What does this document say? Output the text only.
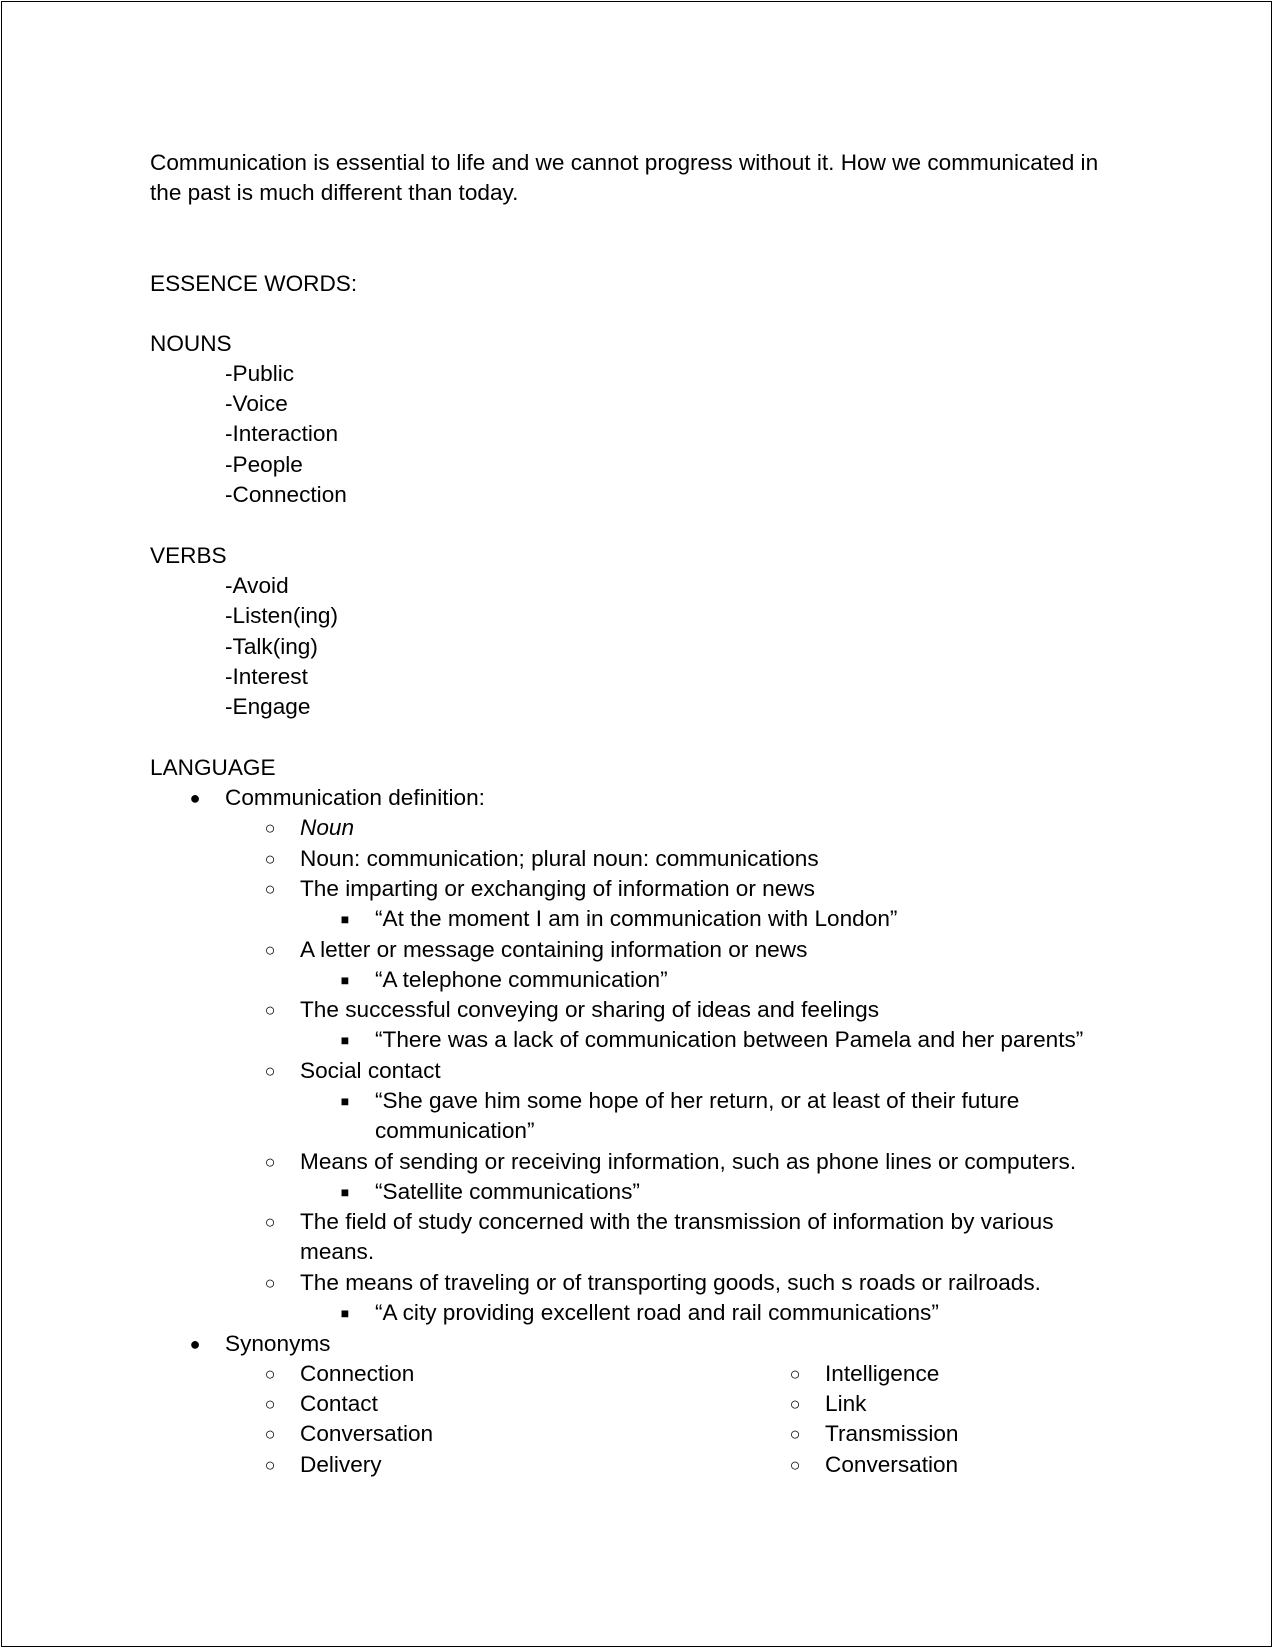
Communication is essential to life and we cannot progress without it. How we communicated in
the past is much different than today.
ESSENCE WORDS:
NOUNS
-Public
-Voice
-Interaction
-People
-Connection
VERBS
-Avoid
-Listen(ing)
-Talk(ing)
-Interest
-Engage
LANGUAGE
● Communication definition:
○ Noun
○ Noun: communication; plural noun: communications
○ The imparting or exchanging of information or news
■ “At the moment I am in communication with London”
○ A letter or message containing information or news
■ “A telephone communication”
○ The successful conveying or sharing of ideas and feelings
■ “There was a lack of communication between Pamela and her parents”
○ Social contact
■ “She gave him some hope of her return, or at least of their future
communication”
○ Means of sending or receiving information, such as phone lines or computers.
■ “Satellite communications”
○ The field of study concerned with the transmission of information by various
means.
○ The means of traveling or of transporting goods, such s roads or railroads.
■ “A city providing excellent road and rail communications”
● Synonyms
○ Connection
○ Contact
○ Conversation
○ Delivery
○ Intelligence
○ Link
○ Transmission
○ Conversation
